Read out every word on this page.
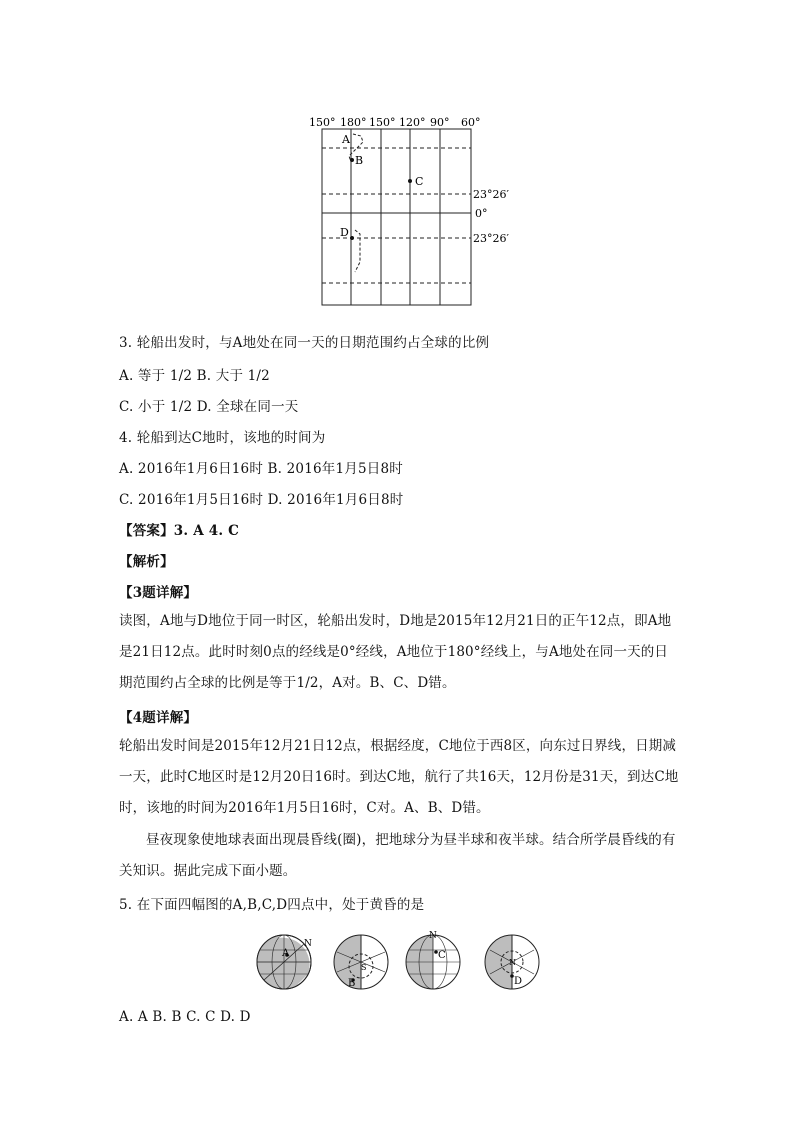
150° 180° 150° 120° 90° 60°
A
B
C
D
23°26′
0°
23°26′
3. 轮船出发时，与A地处在同一天的日期范围约占全球的比例
A. 等于 1/2 B. 大于 1/2
C. 小于 1/2 D. 全球在同一天
4. 轮船到达C地时，该地的时间为
A. 2016年1月6日16时 B. 2016年1月5日8时
C. 2016年1月5日16时 D. 2016年1月6日8时
【答案】3. A 4. C
【解析】
【3题详解】
读图，A地与D地位于同一时区，轮船出发时，D地是2015年12月21日的正午12点，即A地是21日12点。此时时刻0点的经线是0°经线，A地位于180°经线上，与A地处在同一天的日期范围约占全球的比例是等于1/2，A对。B、C、D错。
【4题详解】
轮船出发时间是2015年12月21日12点，根据经度，C地位于西8区，向东过日界线，日期减一天，此时C地区时是12月20日16时。到达C地，航行了共16天，12月份是31天，到达C地时，该地的时间为2016年1月5日16时，C对。A、B、D错。
昼夜现象使地球表面出现晨昏线(圈)，把地球分为昼半球和夜半球。结合所学晨昏线的有关知识。据此完成下面小题。
5. 在下面四幅图的A,B,C,D四点中，处于黄昏的是
A
N
B
S
N
C
N
D
A. A B. B C. C D. D
